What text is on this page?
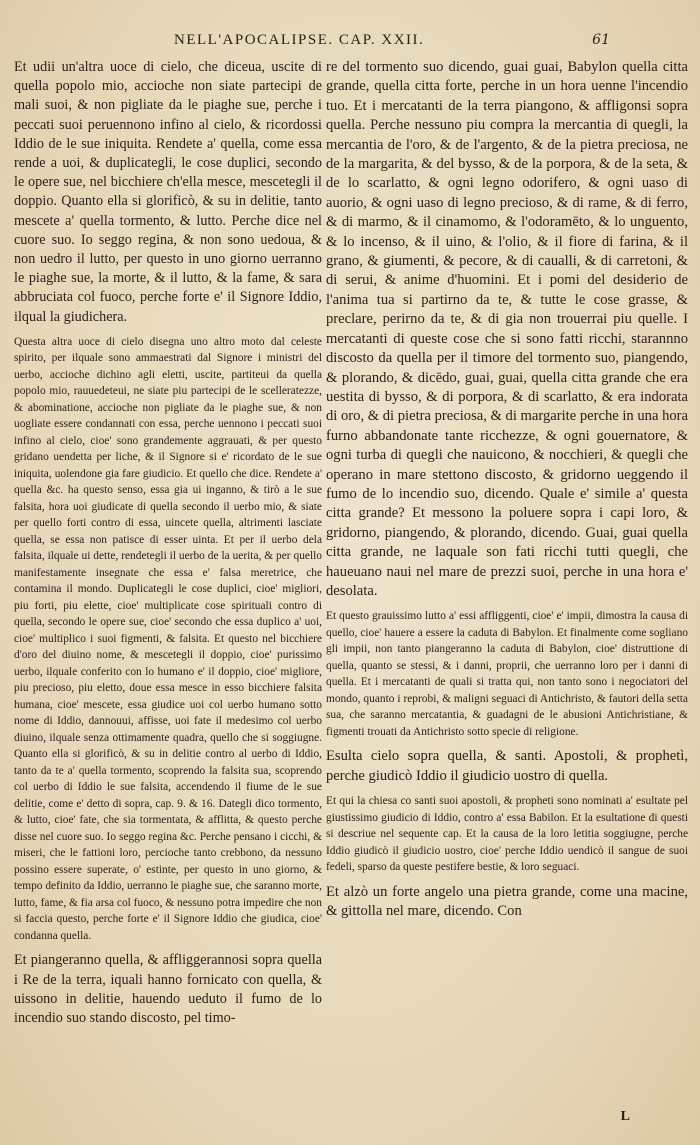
NELL'APOCALIPSE. CAP. XXII.	61

Et udii un'altra uoce di cielo, che diceua, uscite di quella popolo mio, accioche non siate partecipi de mali suoi, & non pigliate da le piaghe sue, perche i peccati suoi peruennono infino al cielo, & ricordossi Iddio de le sue iniquita. Rendete a' quella, come essa rende a uoi, & duplicategli, le cose duplici, secondo le opere sue, nel bicchiere ch'ella mesce, mescetegli il doppio. Quanto ella si glorificò, & su in delitie, tanto mescete a' quella tormento, & lutto. Perche dice nel cuore suo. Io seggo regina, & non sono uedoua, & non uedro il lutto, per questo in uno giorno uerranno le piaghe sue, la morte, & il lutto, & la fame, & sara abbruciata col fuoco, perche forte e' il Signore Iddio, ilqual la giudichera.

Questa altra uoce di cielo disegna uno altro moto dal celeste spirito, per ilquale sono ammaestrati dal Signore i ministri del uerbo, accioche dichino agli eletti, uscite, partiteui da quella popolo mio, rauuedeteui, ne siate piu partecipi de le scelleratezze, & abominatione, accioche non pigliate da le piaghe sue, & non uogliate essere condannati con essa, perche uennono i peccati suoi infino al cielo, cioe' sono grandemente aggrauati, & per questo gridano uendetta per liche, & il Signore si e' ricordato de le sue iniquita, uolendone gia fare giudicio. Et quello che dice. Rendete a' quella &c. ha questo senso, essa gia ui inganno, & tirò a le sue falsita, hora uoi giudicate di quella secondo il uerbo mio, & siate per quello forti contro di essa, uincete quella, altrimenti lasciate quella, se essa non patisce di esser uinta. Et per il uerbo dela falsita, ilquale ui dette, rendetegli il uerbo de la uerita, & per quello manifestamente insegnate che essa e' falsa meretrice, che contamina il mondo. Duplicategli le cose duplici, cioe' migliori, piu forti, piu elette, cioe' multiplicate cose spirituali contro di quella, secondo le opere sue, cioe' secondo che essa duplico a' uoi, cioe' multiplico i suoi figmenti, & falsita. Et questo nel bicchiere d'oro del diuino nome, & mescetegli il doppio, cioe' purissimo uerbo, ilquale conferito con lo humano e' il doppio, cioe' migliore, piu precioso, piu eletto, doue essa mesce in esso bicchiere falsita humana, cioe' mescete, essa giudice uoi col uerbo humano sotto nome di Iddio, dannouui, affisse, uoi fate il medesimo col uerbo diuino, ilquale senza ottimamente quadra, quello che si soggiugne. Quanto ella si glorificò, & su in delitie contro al uerbo di Iddio, tanto da te a' quella tormento, scoprendo la falsita sua, scoprendo col uerbo di Iddio le sue falsita, accendendo il fiume de le sue delitie, come e' detto di sopra, cap. 9. & 16. Dategli dico tormento, & lutto, cioe' fate, che sia tormentata, & afflitta, & questo perche disse nel cuore suo. Io seggo regina &c. Perche pensano i cicchi, & miseri, che le fattioni loro, percioche tanto crebbono, da nessuno possino essere superate, o' estinte, per questo in uno giorno, & tempo definito da Iddio, uerranno le piaghe sue, che saranno morte, lutto, fame, & fia arsa col fuoco, & nessuno potra impedire che non si faccia questo, perche forte e' il Signore Iddio che giudica, cioe' condanna quella.

Et piangeranno quella, & affliggerannosi sopra quella i Re de la terra, iquali hanno fornicato con quella, & uissono in delitie, hauendo ueduto il fumo de lo incendio suo stando discosto, pel timo-

re del tormento suo dicendo, guai guai, Babylon quella citta grande, quella citta forte, perche in un hora uenne l'incendio tuo. Et i mercatanti de la terra piangono, & affligonsi sopra quella. Perche nessuno piu compra la mercantia di quegli, la mercantia de l'oro, & de l'argento, & de la pietra preciosa, ne de la margarita, & del bysso, & de la porpora, & de la seta, & de lo scarlatto, & ogni legno odorifero, & ogni uaso di auorio, & ogni uaso di legno precioso, & di rame, & di ferro, & di marmo, & il cinamomo, & l'odoramēto, & lo unguento, & lo incenso, & il uino, & l'olio, & il fiore di farina, & il grano, & giumenti, & pecore, & di caualli, & di carretoni, & di serui, & anime d'huomini. Et i pomi del desiderio de l'anima tua si partirno da te, & tutte le cose grasse, & preclare, perirno da te, & di gia non trouerrai piu quelle. I mercatanti di queste cose che si sono fatti ricchi, starannno discosto da quella per il timore del tormento suo, piangendo, & plorando, & dicēdo, guai, guai, quella citta grande che era uestita di bysso, & di porpora, & di scarlatto, & era indorata di oro, & di pietra preciosa, & di margarite perche in una hora furno abbandonate tante ricchezze, & ogni gouernatore, & ogni turba di quegli che nauicono, & nocchieri, & quegli che operano in mare stettono discosto, & gridorno ueggendo il fumo de lo incendio suo, dicendo. Quale e' simile a' questa citta grande? Et messono la poluere sopra i capi loro, & gridorno, piangendo, & plorando, dicendo. Guai, guai quella citta grande, ne laquale son fati ricchi tutti quegli, che haueuano naui nel mare de prezzi suoi, perche in una hora e' desolata.

Et questo grauissimo lutto a' essi affliggenti, cioe' e' impii, dimostra la causa di quello, cioe' hauere a essere la caduta di Babylon. Et finalmente come sogliano gli impii, non tanto piangeranno la caduta di Babylon, cioe' distruttione di quella, quanto se stessi, & i danni, proprii, che uerranno loro per i danni di quella. Et i mercatanti de quali si tratta qui, non tanto sono i negociatori del mondo, quanto i reprobi, & maligni seguaci di Antichristo, & fautori della setta sua, che saranno mercatantia, & guadagni de le abusioni Antichristiane, & figmenti trouati da Antichristo sotto specie di religione.

Esulta cielo sopra quella, & santi. Apostoli, & prophetì, perche giudicò Iddio il giudicio uostro di quella.

Et qui la chiesa co santi suoi apostoli, & propheti sono nominati a' esultate pel giustissimo giudicio di Iddio, contro a' essa Babilon. Et la esultatione di questi si descriue nel sequente cap. Et la causa de la loro letitia soggiugne, perche Iddio giudicò il giudicio uostro, cioe' perche Iddio uendicò il sangue de suoi fedeli, sparso da queste pestifere bestie, & loro seguaci.

Et alzò un forte angelo una pietra grande, come una macine, & gittolla nel mare, dicendo. Con

L
